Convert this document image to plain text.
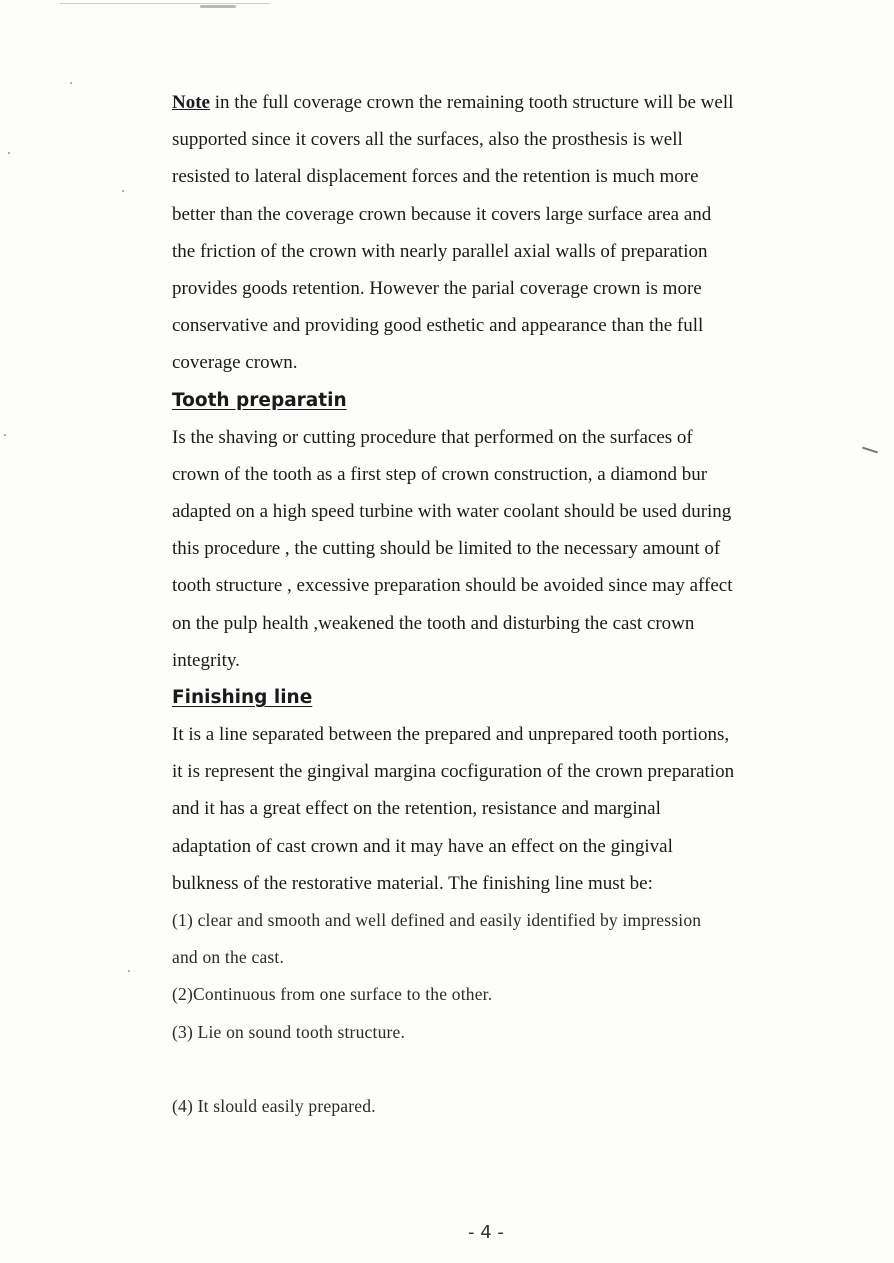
Note in the full coverage crown the remaining tooth structure will be well
supported since it covers all the surfaces, also the prosthesis is well
resisted to lateral displacement forces and the retention is much more
better than the coverage crown because it covers large surface area and
the friction of the crown with nearly parallel axial walls of preparation
provides goods retention. However the parial coverage crown is more
conservative and providing good esthetic and appearance than the full
coverage crown.

Tooth preparatin

Is the shaving or cutting procedure that performed on the surfaces of
crown of the tooth as a first step of crown construction, a diamond bur
adapted on a high speed turbine with water coolant should be used during
this procedure , the cutting should be limited to the necessary amount of
tooth structure , excessive preparation should be avoided since may affect
on the pulp health ,weakened the tooth and disturbing the cast crown
integrity.

Finishing line

It is a line separated between the prepared and unprepared tooth portions,
it is represent the gingival margina cocfiguration of the crown preparation
and it has a great effect on the retention, resistance and marginal
adaptation of cast crown and it may have an effect on the gingival
bulkness of the restorative material. The finishing line must be:
(1) clear and smooth and well defined and easily identified by impression
and on the cast.
(2)Continuous from one surface to the other.
(3) Lie on sound tooth structure.

(4) It slould easily prepared.

- 4 -
